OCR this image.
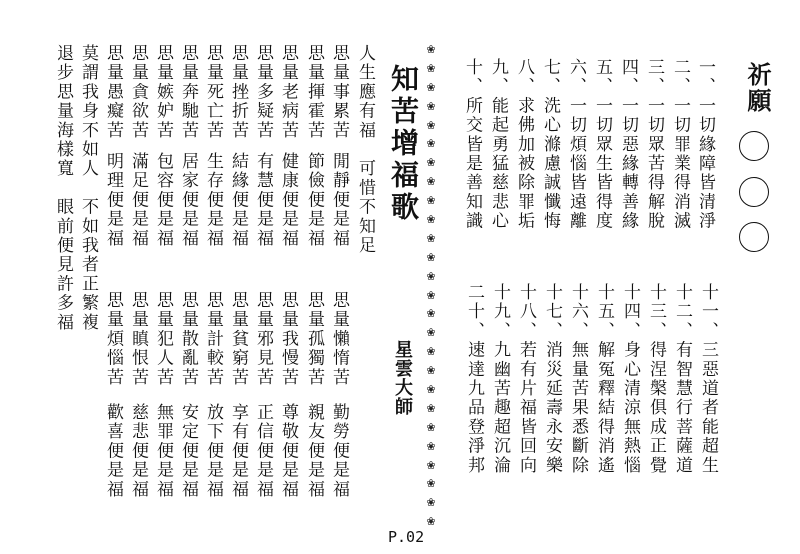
祈願
一、一切緣障皆清淨
二、一切罪業得消滅
三、一切眾苦得解脫
四、一切惡緣轉善緣
五、一切眾生皆得度
六、一切煩惱皆遠離
七、洗心滌慮誠懺悔
八、求佛加被除罪垢
九、能起勇猛慈悲心
十、所交皆是善知識
十一、三惡道者能超生
十二、有智慧行菩薩道
十三、得涅槃俱成正覺
十四、身心清涼無熱惱
十五、解冤釋結得消遙
十六、無量苦果悉斷除
十七、消災延壽永安樂
十八、若有片福皆回向
十九、九幽苦趣超沉淪
二十、速達九品登淨邦
❀
❀
❀
❀
❀
❀
❀
❀
❀
❀
❀
❀
❀
❀
❀
❀
❀
❀
❀
❀
❀
❀
❀
❀
❀
❀
知苦增福歌
星雲大師
人生應有福　可惜不知足
思量事累苦
閒靜便是福
思量揮霍苦
節儉便是福
思量老病苦
健康便是福
思量多疑苦
有慧便是福
思量挫折苦
結緣便是福
思量死亡苦
生存便是福
思量奔馳苦
居家便是福
思量嫉妒苦
包容便是福
思量貪欲苦
滿足便是福
思量愚癡苦
明理便是福
莫謂我身不如人　不如我者正繁複
退步思量海樣寬　眼前便見許多福
思量懶惰苦
勤勞便是福
思量孤獨苦
親友便是福
思量我慢苦
尊敬便是福
思量邪見苦
正信便是福
思量貧窮苦
享有便是福
思量計較苦
放下便是福
思量散亂苦
安定便是福
思量犯人苦
無罪便是福
思量瞋恨苦
慈悲便是福
思量煩惱苦
歡喜便是福
P.02
